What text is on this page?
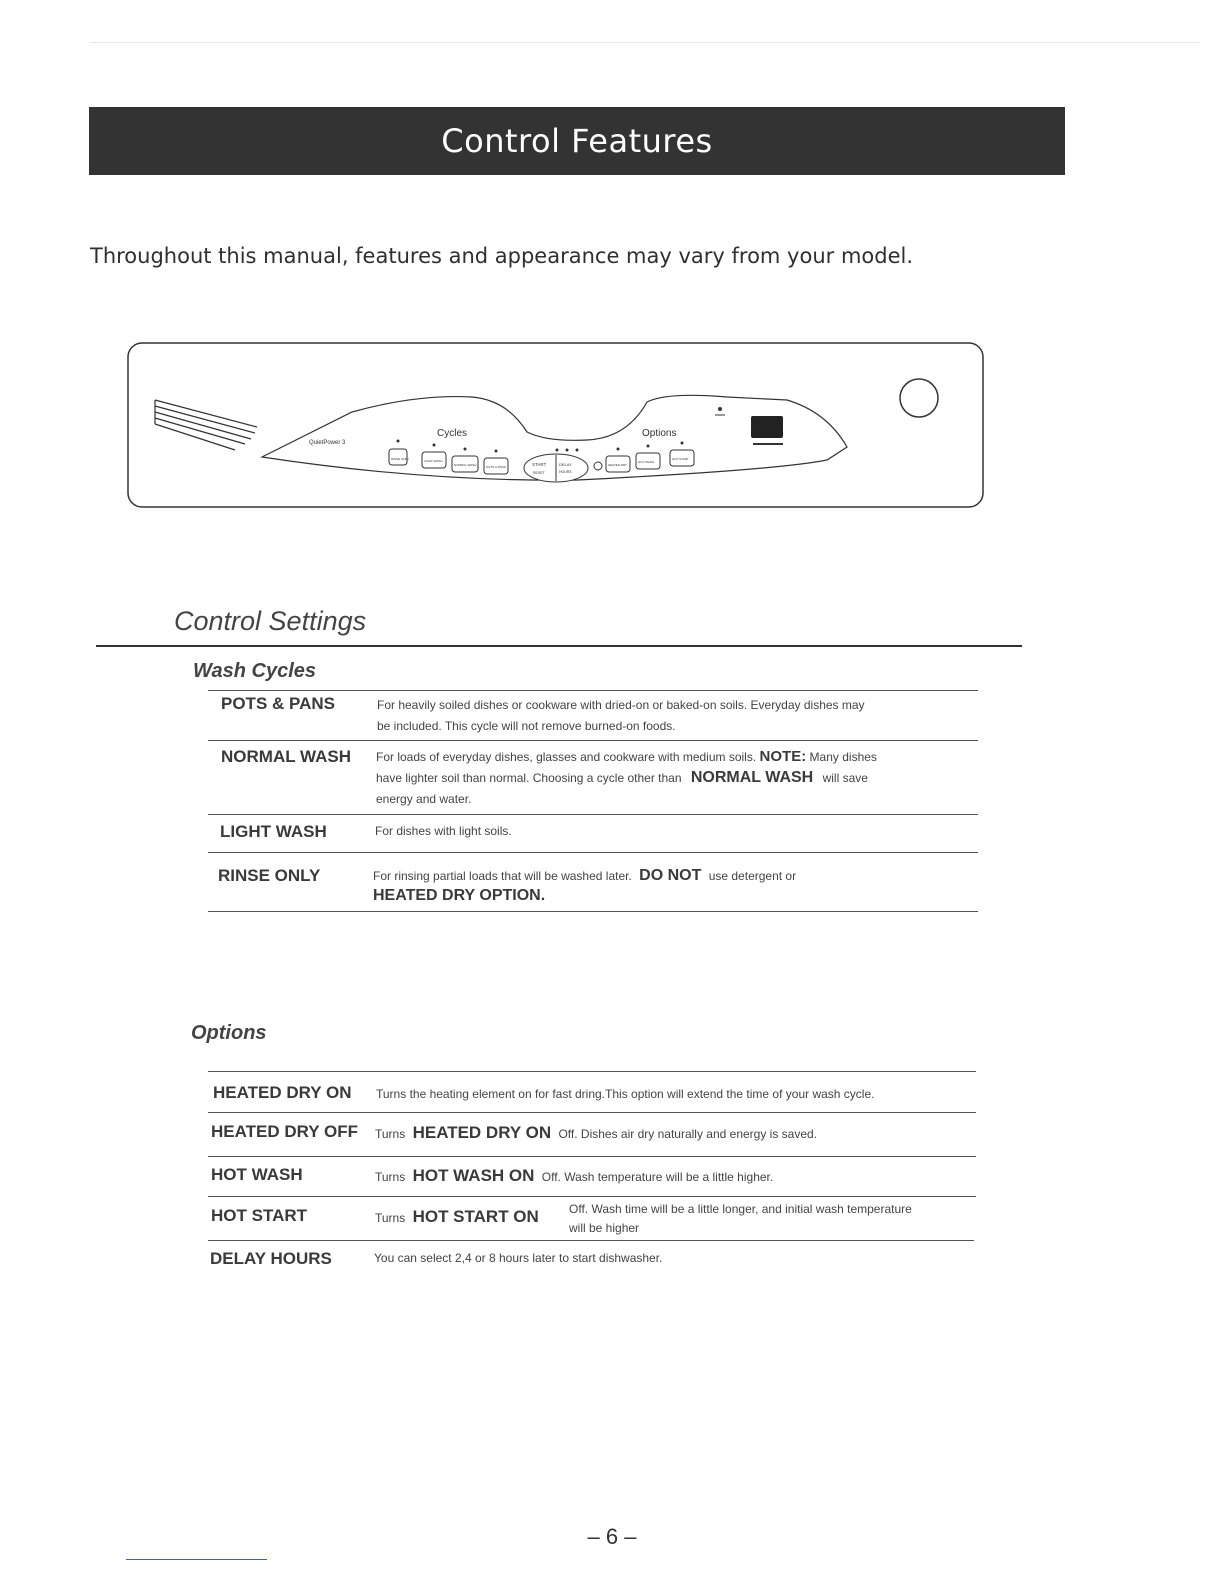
Control Features
Throughout this manual, features and appearance may vary from your model.
QuietPower 3
Cycles	Options
RINSE ONLY	LIGHT WASH
NORMAL WASH	POTS & PANS	START
RESET
DELAY
HOURS
HEATED DRY
HOT WASH
HOT START
Control Settings
Wash Cycles
POTS & PANS	For heavily soiled dishes or cookware with dried-on or baked-on soils. Everyday dishes may
be included. This cycle will not remove burned-on foods.
NORMAL WASH For loads of everyday dishes, glasses and cookware with medium soils. NOTE: Many dishes
have lighter soil than normal. Choosing a cycle other than NORMAL WASH will save
energy and water.
LIGHT WASH	For dishes with light soils.
RINSE ONLY	For rinsing partial loads that will be washed later. DO NOT use detergent or
HEATED DRY OPTION.
Options
HEATED DRY ON Turns the heating element on for fast dring.This option will extend the time of your wash cycle.
HEATED DRY OFF Turns HEATED DRY ON Off. Dishes air dry naturally and energy is saved.
HOT WASH	Turns HOT WASH ON Off. Wash temperature will be a little higher.
HOT START	Turns HOT START ON	Off. Wash time will be a little longer, and initial wash temperature
will be higher
DELAY HOURS	You can select 2,4 or 8 hours later to start dishwasher.
– 6 –
